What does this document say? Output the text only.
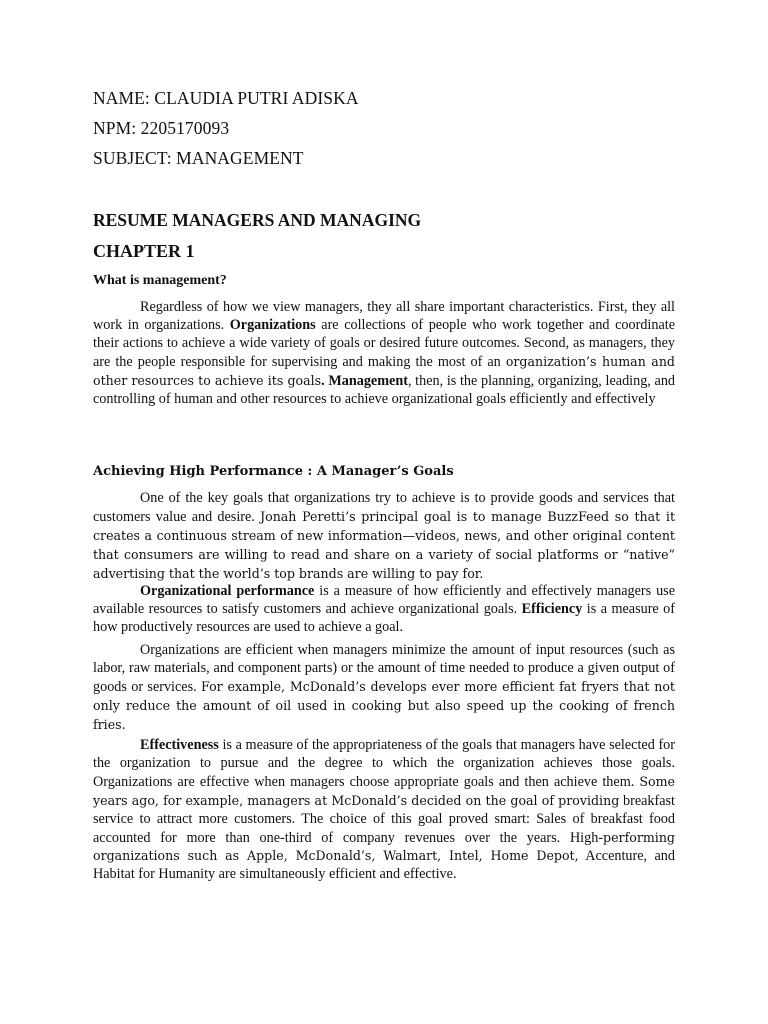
NAME: CLAUDIA PUTRI ADISKA
NPM: 2205170093
SUBJECT: MANAGEMENT
RESUME MANAGERS AND MANAGING
CHAPTER 1
What is management?

Regardless of how we view managers, they all share important characteristics. First, they all work in organizations. Organizations are collections of people who work together and coordinate their actions to achieve a wide variety of goals or desired future outcomes. Second, as managers, they are the people responsible for supervising and making the most of an organization’s human and other resources to achieve its goals. Management, then, is the planning, organizing, leading, and controlling of human and other resources to achieve organizational goals efficiently and effectively

Achieving High Performance : A Manager’s Goals

One of the key goals that organizations try to achieve is to provide goods and services that customers value and desire. Jonah Peretti’s principal goal is to manage BuzzFeed so that it creates a continuous stream of new information—videos, news, and other original content that consumers are willing to read and share on a variety of social platforms or “native” advertising that the world’s top brands are willing to pay for.

Organizational performance is a measure of how efficiently and effectively managers use available resources to satisfy customers and achieve organizational goals. Efficiency is a measure of how productively resources are used to achieve a goal.

Organizations are efficient when managers minimize the amount of input resources (such as labor, raw materials, and component parts) or the amount of time needed to produce a given output of goods or services. For example, McDonald’s develops ever more efficient fat fryers that not only reduce the amount of oil used in cooking but also speed up the cooking of french fries.

Effectiveness is a measure of the appropriateness of the goals that managers have selected for the organization to pursue and the degree to which the organization achieves those goals. Organizations are effective when managers choose appropriate goals and then achieve them. Some years ago, for example, managers at McDonald’s decided on the goal of providing breakfast service to attract more customers. The choice of this goal proved smart: Sales of breakfast food accounted for more than one-third of company revenues over the years. High-performing organizations such as Apple, McDonald’s, Walmart, Intel, Home Depot, Accenture, and Habitat for Humanity are simultaneously efficient and effective.
